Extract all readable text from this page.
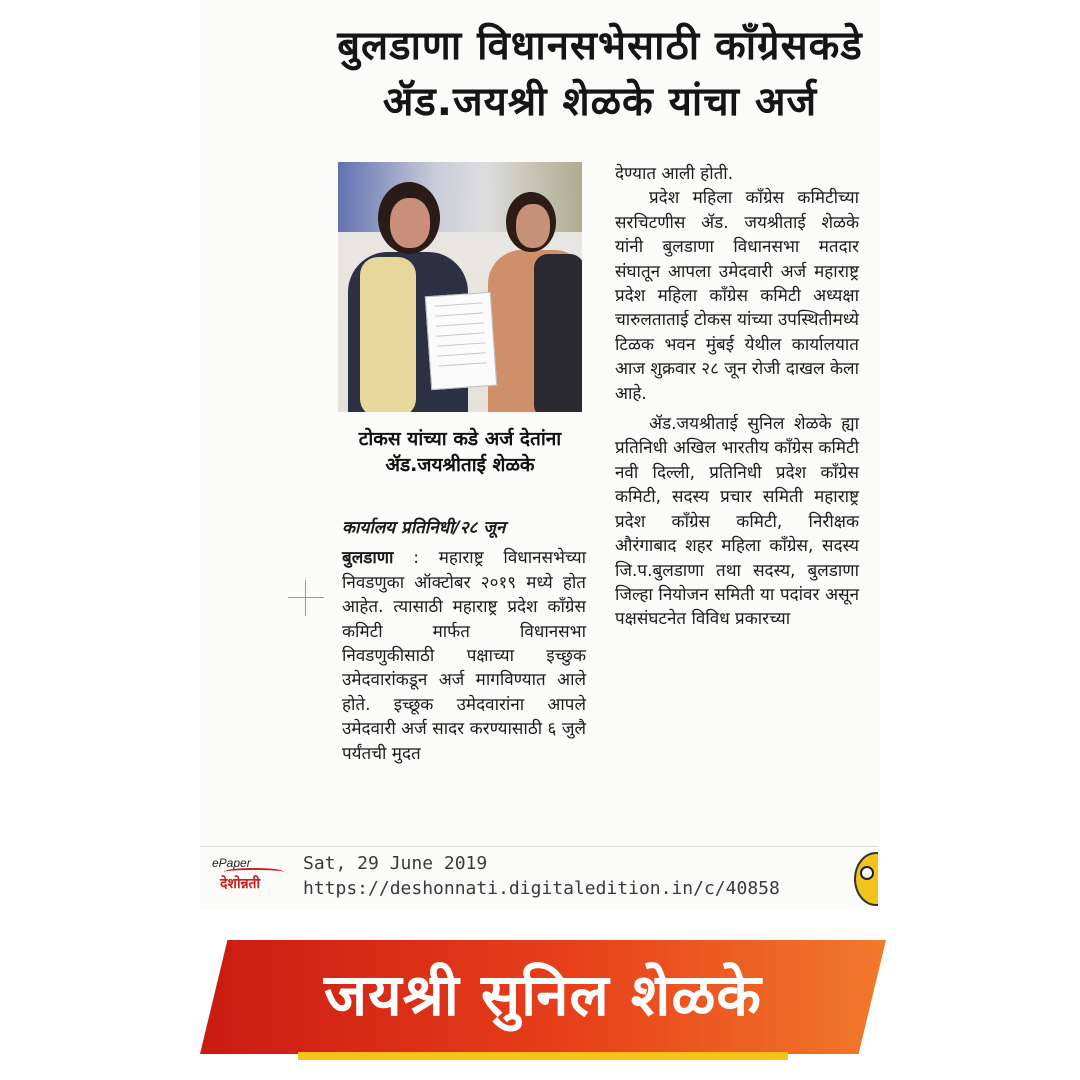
बुलडाणा विधानसभेसाठी कॉंग्रेसकडे
ॲड.जयश्री शेळके यांचा अर्ज
टोकस यांच्या कडे अर्ज देतांना
ॲड.जयश्रीताई शेळके

कार्यालय प्रतिनिधी/२८ जून

बुलडाणा : महाराष्ट्र विधानसभेच्या निवडणुका ऑक्टोबर २०१९ मध्ये होत आहेत. त्यासाठी महाराष्ट्र प्रदेश कॉंग्रेस कमिटी मार्फत विधानसभा निवडणुकीसाठी पक्षाच्या इच्छुक उमेदवारांकडून अर्ज मागविण्यात आले होते. इच्छूक उमेदवारांना आपले उमेदवारी अर्ज सादर करण्यासाठी ६ जुलै पर्यंतची मुदत

देण्यात आली होती.

प्रदेश महिला कॉंग्रेस कमिटीच्या सरचिटणीस ॲड. जयश्रीताई शेळके यांनी बुलडाणा विधानसभा मतदार संघातून आपला उमेदवारी अर्ज महाराष्ट्र प्रदेश महिला कॉंग्रेस कमिटी अध्यक्षा चारुलताताई टोकस यांच्या उपस्थितीमध्ये टिळक भवन मुंबई येथील कार्यालयात आज शुक्रवार २८ जून रोजी दाखल केला आहे.

ॲड.जयश्रीताई सुनिल शेळके ह्या प्रतिनिधी अखिल भारतीय कॉंग्रेस कमिटी नवी दिल्ली, प्रतिनिधी प्रदेश कॉंग्रेस कमिटी, सदस्य प्रचार समिती महाराष्ट्र प्रदेश कॉंग्रेस कमिटी, निरीक्षक औरंगाबाद शहर महिला कॉंग्रेस, सदस्य जि.प.बुलडाणा तथा सदस्य, बुलडाणा जिल्हा नियोजन समिती या पदांवर असून पक्षसंघटनेत विविध प्रकारच्या

ePaper
देशोन्नती
Sat, 29 June 2019
https://deshonnati.digitaledition.in/c/40858
जयश्री सुनिल शेळके
